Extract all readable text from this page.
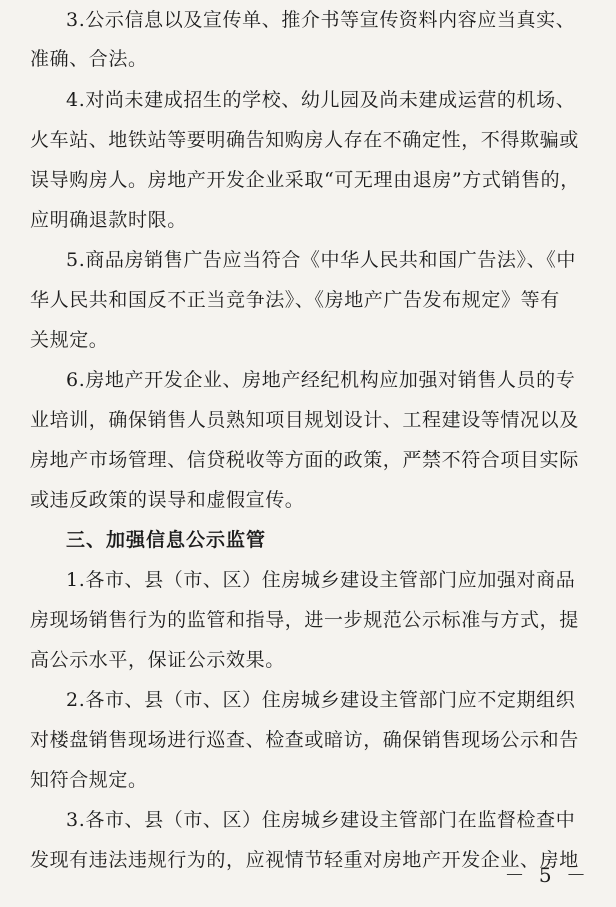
3.公示信息以及宣传单、推介书等宣传资料内容应当真实、
准确、合法。
4.对尚未建成招生的学校、幼儿园及尚未建成运营的机场、
火车站、地铁站等要明确告知购房人存在不确定性，不得欺骗或
误导购房人。房地产开发企业采取“可无理由退房”方式销售的，
应明确退款时限。
5.商品房销售广告应当符合《中华人民共和国广告法》、《中
华人民共和国反不正当竞争法》、《房地产广告发布规定》等有
关规定。
6.房地产开发企业、房地产经纪机构应加强对销售人员的专
业培训，确保销售人员熟知项目规划设计、工程建设等情况以及
房地产市场管理、信贷税收等方面的政策，严禁不符合项目实际
或违反政策的误导和虚假宣传。
三、加强信息公示监管
1.各市、县（市、区）住房城乡建设主管部门应加强对商品
房现场销售行为的监管和指导，进一步规范公示标准与方式，提
高公示水平，保证公示效果。
2.各市、县（市、区）住房城乡建设主管部门应不定期组织
对楼盘销售现场进行巡查、检查或暗访，确保销售现场公示和告
知符合规定。
3.各市、县（市、区）住房城乡建设主管部门在监督检查中
发现有违法违规行为的，应视情节轻重对房地产开发企业、房地
－ 5 －
